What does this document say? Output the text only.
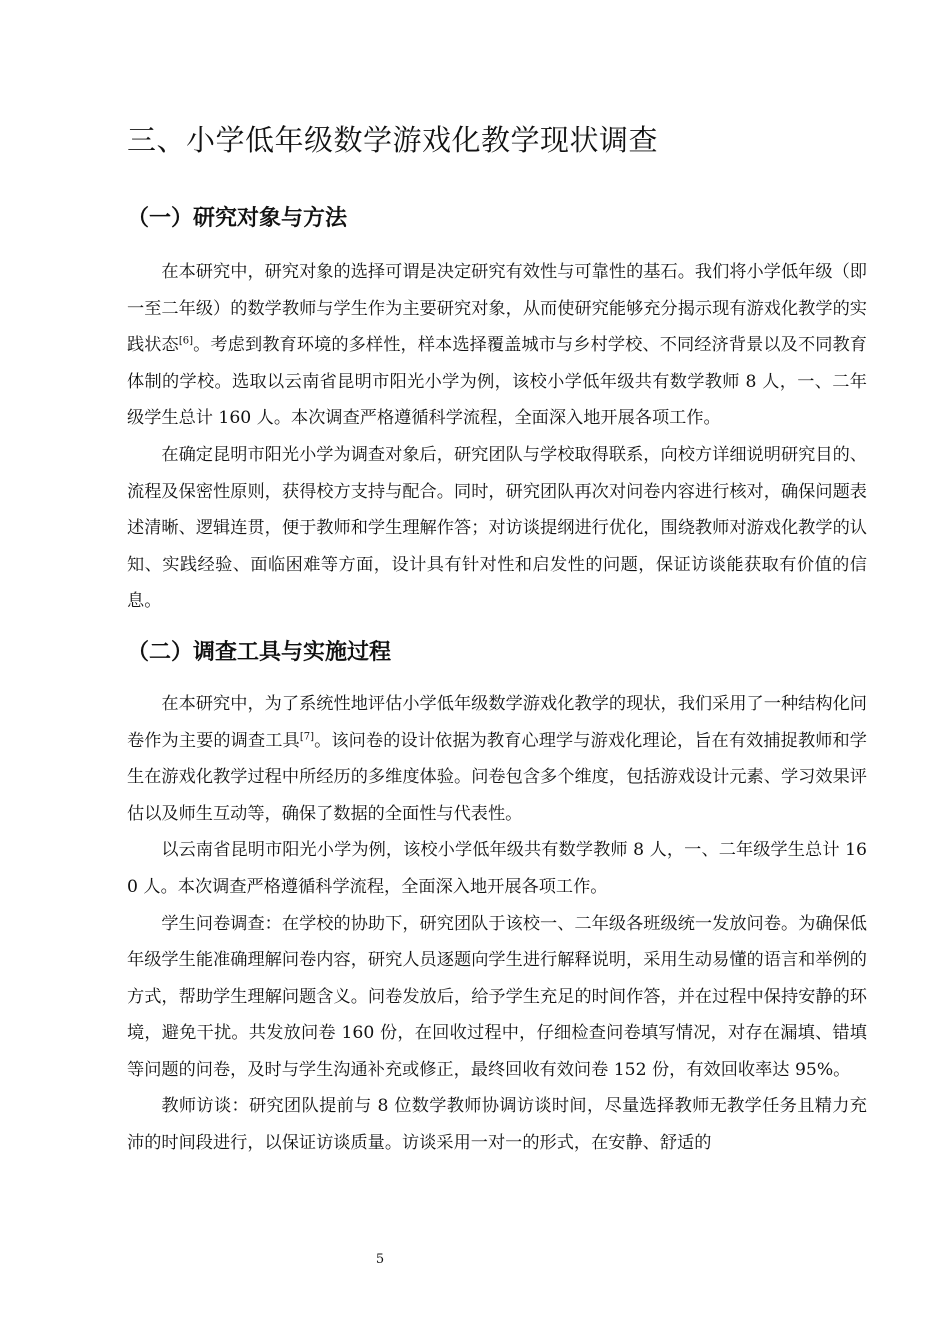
三、小学低年级数学游戏化教学现状调查
（一）研究对象与方法

在本研究中，研究对象的选择可谓是决定研究有效性与可靠性的基石。我们将小学低年级（即一至二年级）的数学教师与学生作为主要研究对象，从而使研究能够充分揭示现有游戏化教学的实践状态[6]。考虑到教育环境的多样性，样本选择覆盖城市与乡村学校、不同经济背景以及不同教育体制的学校。选取以云南省昆明市阳光小学为例，该校小学低年级共有数学教师 8 人，一、二年级学生总计 160 人。本次调查严格遵循科学流程，全面深入地开展各项工作。

在确定昆明市阳光小学为调查对象后，研究团队与学校取得联系，向校方详细说明研究目的、流程及保密性原则，获得校方支持与配合。同时，研究团队再次对问卷内容进行核对，确保问题表述清晰、逻辑连贯，便于教师和学生理解作答；对访谈提纲进行优化，围绕教师对游戏化教学的认知、实践经验、面临困难等方面，设计具有针对性和启发性的问题，保证访谈能获取有价值的信息。

（二）调查工具与实施过程

在本研究中，为了系统性地评估小学低年级数学游戏化教学的现状，我们采用了一种结构化问卷作为主要的调查工具[7]。该问卷的设计依据为教育心理学与游戏化理论，旨在有效捕捉教师和学生在游戏化教学过程中所经历的多维度体验。问卷包含多个维度，包括游戏设计元素、学习效果评估以及师生互动等，确保了数据的全面性与代表性。

以云南省昆明市阳光小学为例，该校小学低年级共有数学教师 8 人，一、二年级学生总计 160 人。本次调查严格遵循科学流程，全面深入地开展各项工作。

学生问卷调查：在学校的协助下，研究团队于该校一、二年级各班级统一发放问卷。为确保低年级学生能准确理解问卷内容，研究人员逐题向学生进行解释说明，采用生动易懂的语言和举例的方式，帮助学生理解问题含义。问卷发放后，给予学生充足的时间作答，并在过程中保持安静的环境，避免干扰。共发放问卷 160 份，在回收过程中，仔细检查问卷填写情况，对存在漏填、错填等问题的问卷，及时与学生沟通补充或修正，最终回收有效问卷 152 份，有效回收率达 95%。

教师访谈：研究团队提前与 8 位数学教师协调访谈时间，尽量选择教师无教学任务且精力充沛的时间段进行，以保证访谈质量。访谈采用一对一的形式，在安静、舒适的

5
